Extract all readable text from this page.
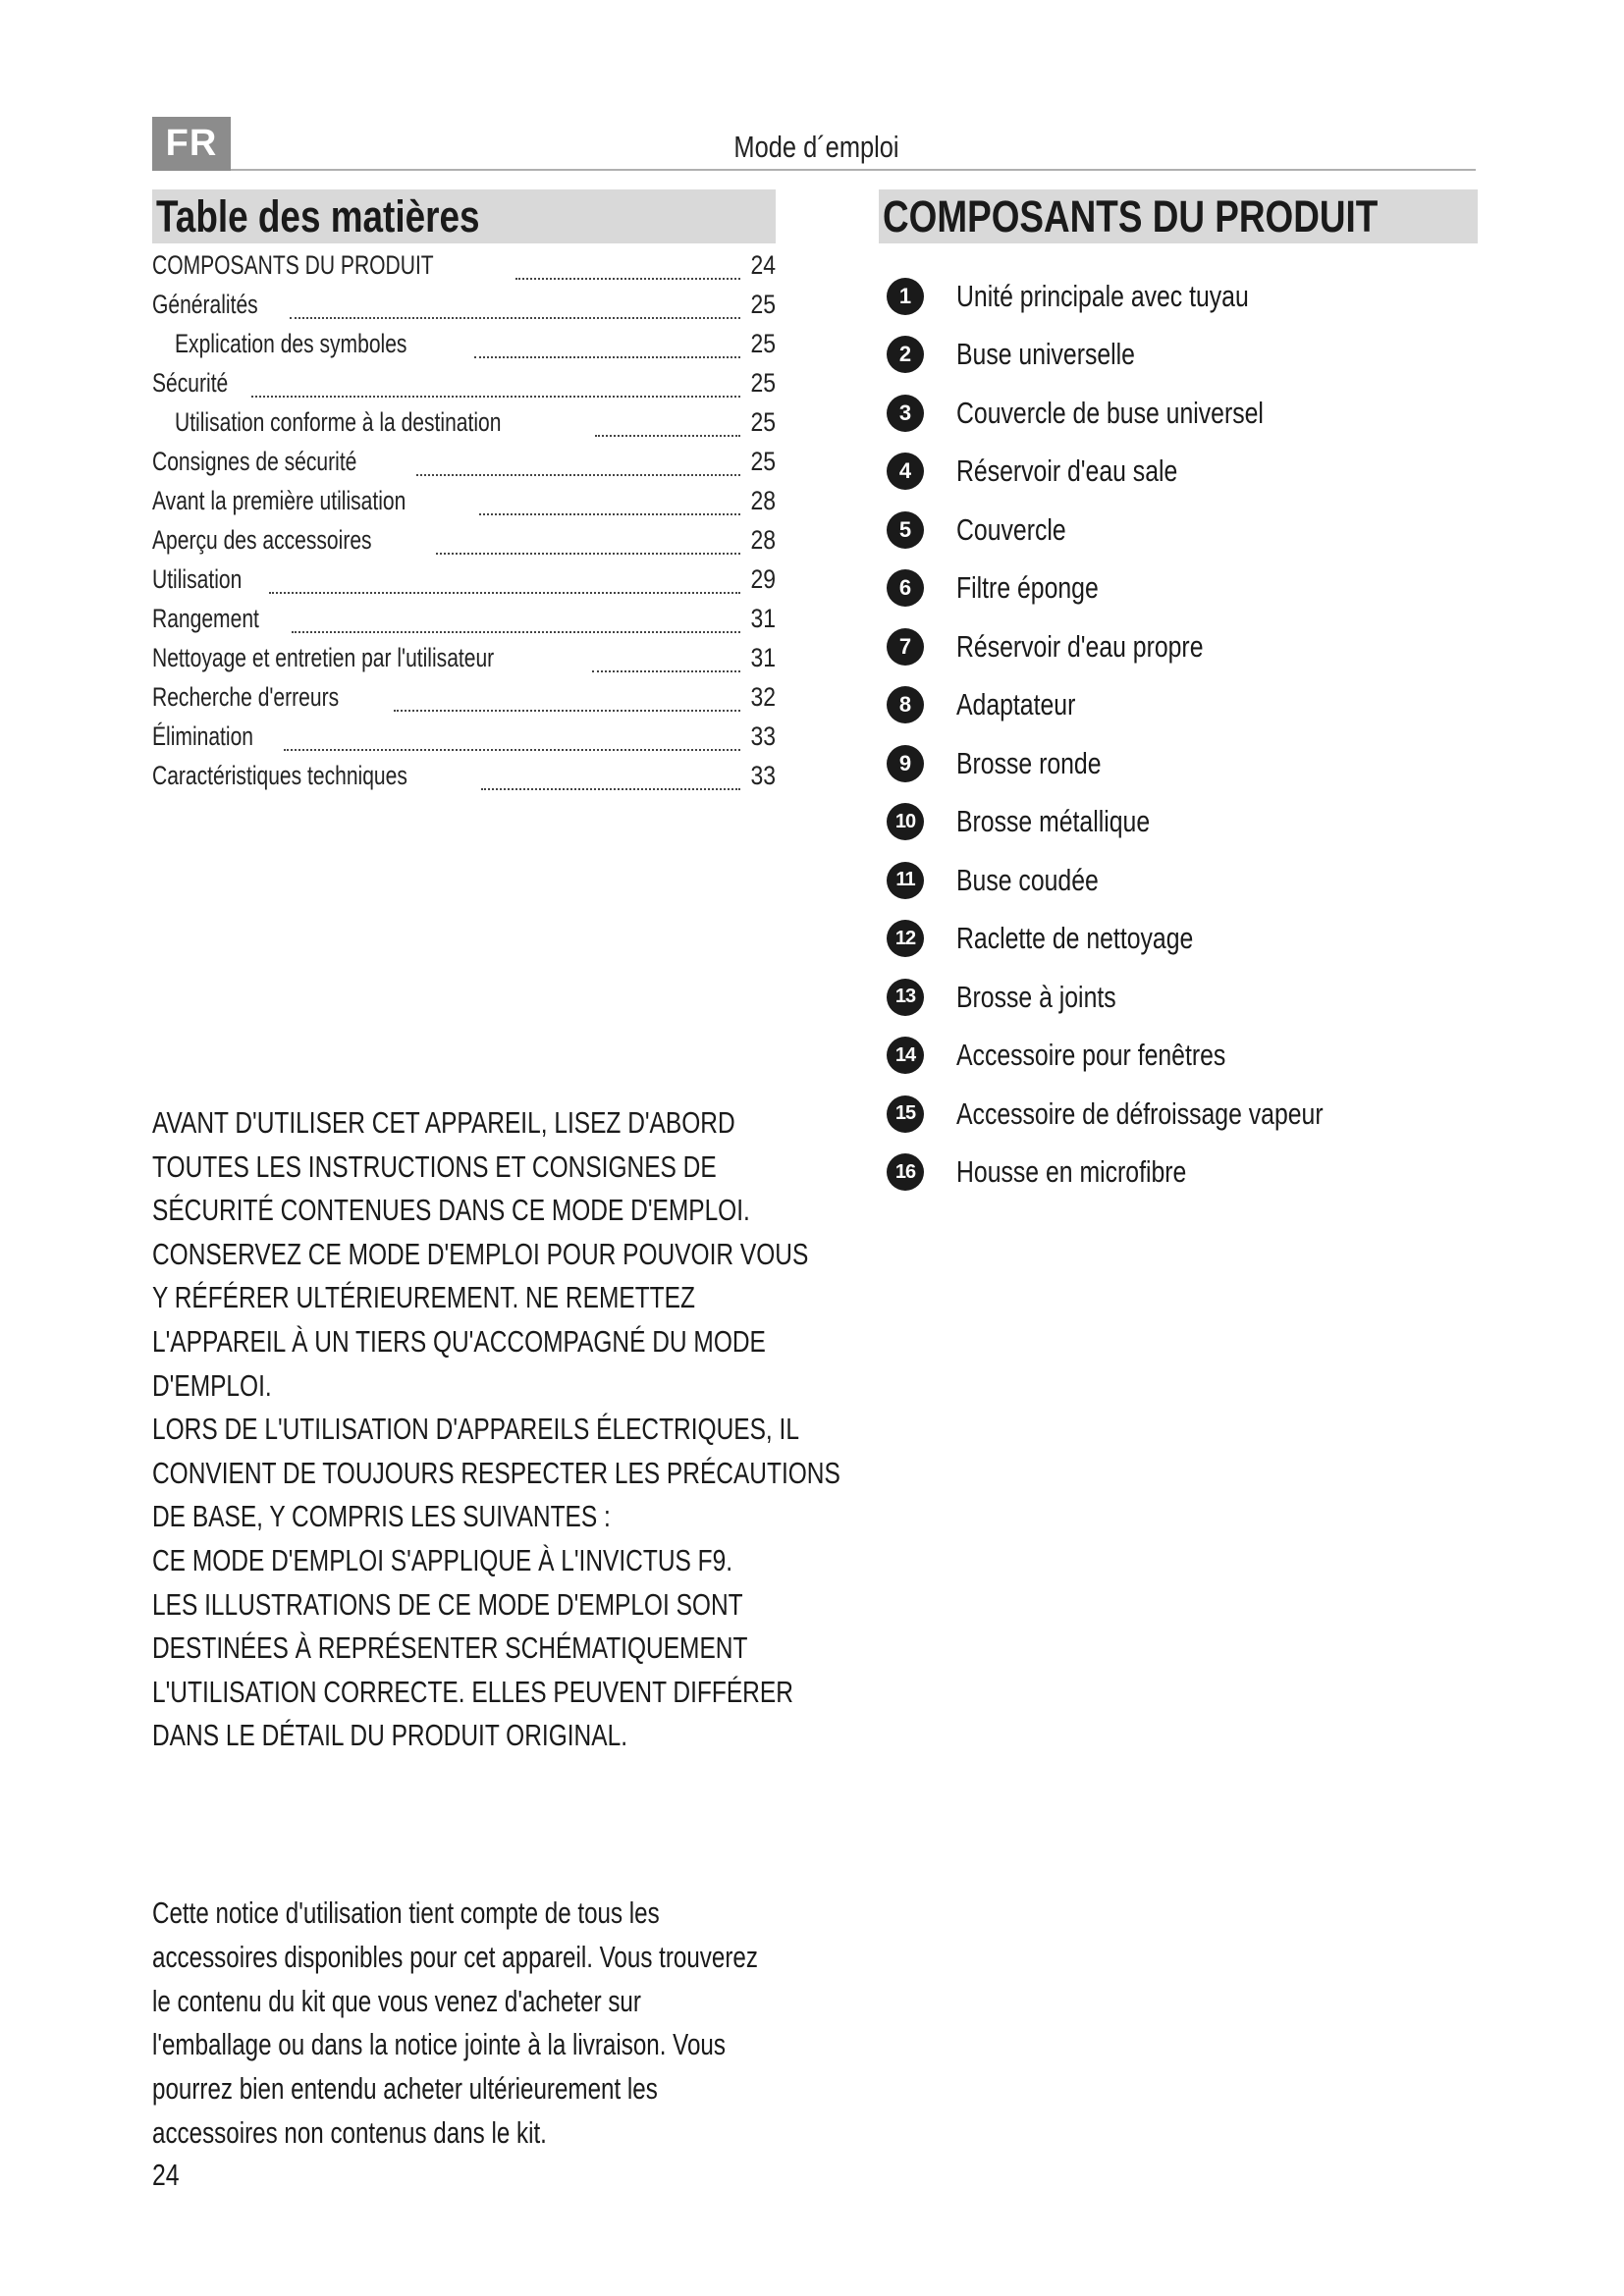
FR	Mode d´emploi
Table des matières
COMPOSANTS DU PRODUIT	24
Généralités	25
Explication des symboles	25
Sécurité	25
Utilisation conforme à la destination	25
Consignes de sécurité	25
Avant la première utilisation	28
Aperçu des accessoires	28
Utilisation	29
Rangement	31
Nettoyage et entretien par l'utilisateur	31
Recherche d'erreurs	32
Élimination	33
Caractéristiques techniques	33
AVANT D'UTILISER CET APPAREIL, LISEZ D'ABORD
TOUTES LES INSTRUCTIONS ET CONSIGNES DE
SÉCURITÉ CONTENUES DANS CE MODE D'EMPLOI.
CONSERVEZ CE MODE D'EMPLOI POUR POUVOIR VOUS
Y RÉFÉRER ULTÉRIEUREMENT. NE REMETTEZ
L'APPAREIL À UN TIERS QU'ACCOMPAGNÉ DU MODE
D'EMPLOI.
LORS DE L'UTILISATION D'APPAREILS ÉLECTRIQUES, IL
CONVIENT DE TOUJOURS RESPECTER LES PRÉCAUTIONS
DE BASE, Y COMPRIS LES SUIVANTES :
CE MODE D'EMPLOI S'APPLIQUE À L'INVICTUS F9.
LES ILLUSTRATIONS DE CE MODE D'EMPLOI SONT
DESTINÉES À REPRÉSENTER SCHÉMATIQUEMENT
L'UTILISATION CORRECTE. ELLES PEUVENT DIFFÉRER
DANS LE DÉTAIL DU PRODUIT ORIGINAL.
Cette notice d'utilisation tient compte de tous les
accessoires disponibles pour cet appareil. Vous trouverez
le contenu du kit que vous venez d'acheter sur
l'emballage ou dans la notice jointe à la livraison. Vous
pourrez bien entendu acheter ultérieurement les
accessoires non contenus dans le kit.
24
COMPOSANTS DU PRODUIT
1	Unité principale avec tuyau
2	Buse universelle
3	Couvercle de buse universel
4	Réservoir d'eau sale
5	Couvercle
6	Filtre éponge
7	Réservoir d'eau propre
8	Adaptateur
9	Brosse ronde
10 Brosse métallique
11	Buse coudée
12 Raclette de nettoyage
13 Brosse à joints
14 Accessoire pour fenêtres
15 Accessoire de défroissage vapeur
16 Housse en microfibre
